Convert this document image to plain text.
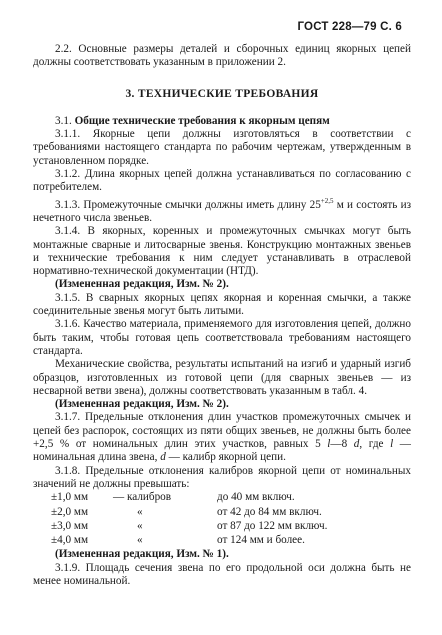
ГОСТ 228—79 С. 6

2.2. Основные размеры деталей и сборочных единиц якорных цепей должны соответствовать указанным в приложении 2.

3. ТЕХНИЧЕСКИЕ ТРЕБОВАНИЯ

3.1. Общие технические требования к якорным цепям

3.1.1. Якорные цепи должны изготовляться в соответствии с требованиями настоящего стандарта по рабочим чертежам, утвержденным в установленном порядке.

3.1.2. Длина якорных цепей должна устанавливаться по согласованию с потребителем.

3.1.3. Промежуточные смычки должны иметь длину $25^{+2,5}$ м и состоять из нечетного числа звеньев.

3.1.4. В якорных, коренных и промежуточных смычках могут быть монтажные сварные и литосварные звенья. Конструкцию монтажных звеньев и технические требования к ним следует устанавливать в отраслевой нормативно-технической документации (НТД).

(Измененная редакция, Изм. № 2).

3.1.5. В сварных якорных цепях якорная и коренная смычки, а также соединительные звенья могут быть литыми.

3.1.6. Качество материала, применяемого для изготовления цепей, должно быть таким, чтобы готовая цепь соответствовала требованиям настоящего стандарта.

Механические свойства, результаты испытаний на изгиб и ударный изгиб образцов, изготовленных из готовой цепи (для сварных звеньев — из несварной ветви звена), должны соответствовать указанным в табл. 4.

(Измененная редакция, Изм. № 2).

3.1.7. Предельные отклонения длин участков промежуточных смычек и цепей без распорок, состоящих из пяти общих звеньев, не должны быть более +2,5 % от номинальных длин этих участков, равных 5 l—8 d, где l — номинальная длина звена, d — калибр якорной цепи.

3.1.8. Предельные отклонения калибров якорной цепи от номинальных значений не должны превышать:

±1,0 мм	— калибров	до 40 мм включ.
±2,0 мм	«	от 42 до 84 мм включ.
±3,0 мм	«	от 87 до 122 мм включ.
±4,0 мм	«	от 124 мм и более.

(Измененная редакция, Изм. № 1).

3.1.9. Площадь сечения звена по его продольной оси должна быть не менее номинальной.
